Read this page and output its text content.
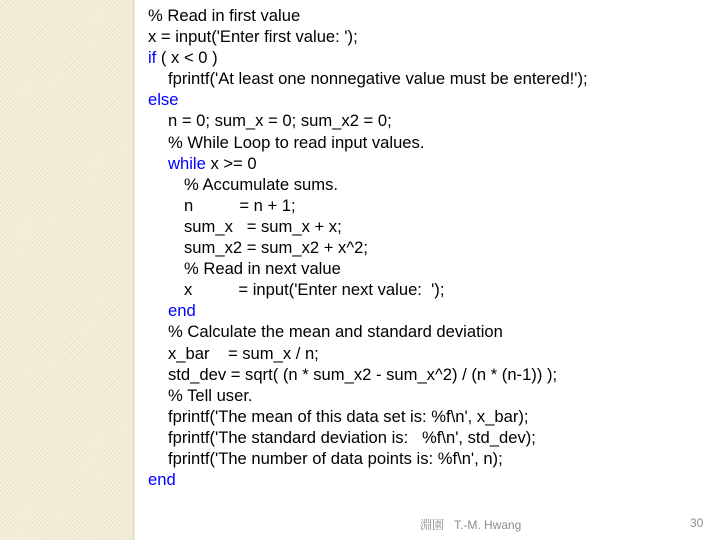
% Read in first value
x = input('Enter first value: ');
if ( x < 0 )
fprintf('At least one nonnegative value must be entered!');
else
n = 0; sum_x = 0; sum_x2 = 0;
% While Loop to read input values.
while x >= 0
% Accumulate sums.
n          = n + 1;
sum_x   = sum_x + x;
sum_x2 = sum_x2 + x^2;
% Read in next value
x          = input('Enter next value:  ');
end
% Calculate the mean and standard deviation
x_bar    = sum_x / n;
std_dev = sqrt( (n * sum_x2 - sum_x^2) / (n * (n-1)) );
% Tell user.
fprintf('The mean of this data set is: %f\n', x_bar);
fprintf('The standard deviation is:   %f\n', std_dev);
fprintf('The number of data points is: %f\n', n);
end
淵園   T.-M. Hwang	30
